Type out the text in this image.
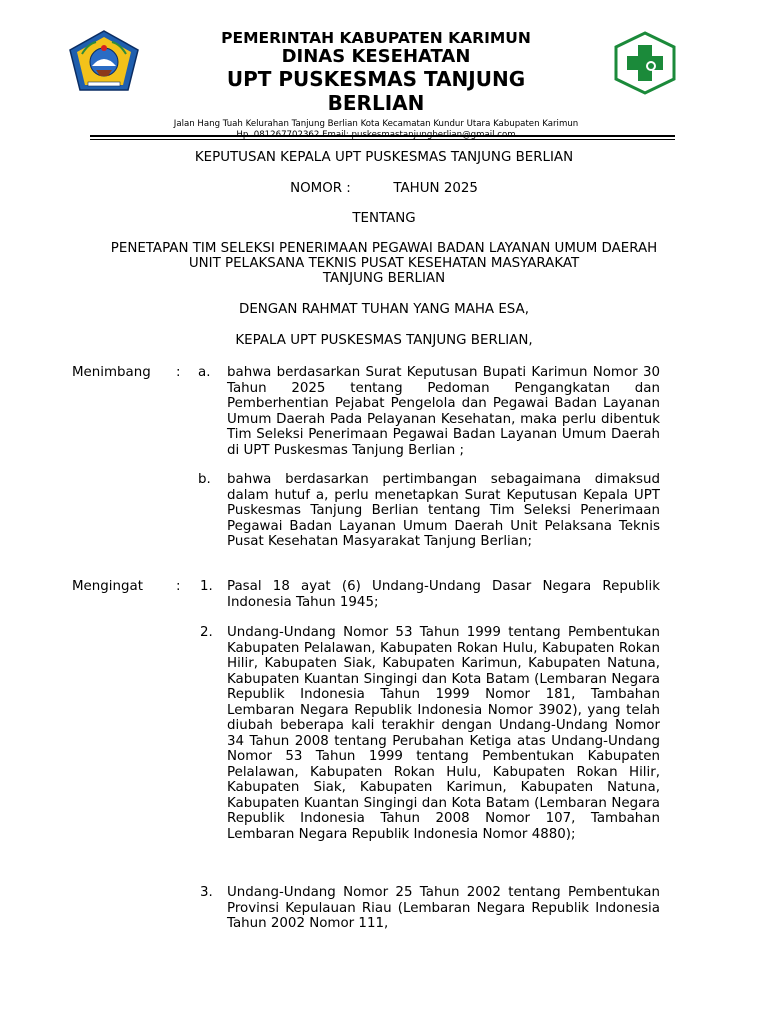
PEMERINTAH KABUPATEN KARIMUN
DINAS KESEHATAN
UPT PUSKESMAS TANJUNG BERLIAN
Jalan Hang Tuah Kelurahan Tanjung Berlian Kota Kecamatan Kundur Utara Kabupaten Karimun
KEPUTUSAN KEPALA UPT PUSKESMAS TANJUNG BERLIAN
NOMOR :          TAHUN 2025
TENTANG
PENETAPAN TIM SELEKSI PENERIMAAN PEGAWAI BADAN LAYANAN UMUM DAERAH
UNIT PELAKSANA TEKNIS PUSAT KESEHATAN MASYARAKAT
TANJUNG BERLIAN
DENGAN RAHMAT TUHAN YANG MAHA ESA,
KEPALA UPT PUSKESMAS TANJUNG BERLIAN,
Menimbang : a. bahwa berdasarkan Surat Keputusan Bupati Karimun Nomor 30 Tahun 2025 tentang Pedoman Pengangkatan dan Pemberhentian Pejabat Pengelola dan Pegawai Badan Layanan Umum Daerah Pada Pelayanan Kesehatan, maka perlu dibentuk Tim Seleksi Penerimaan Pegawai Badan Layanan Umum Daerah di UPT Puskesmas Tanjung Berlian ;
b. bahwa berdasarkan pertimbangan sebagaimana dimaksud dalam hutuf a, perlu menetapkan Surat Keputusan Kepala UPT Puskesmas Tanjung Berlian tentang Tim Seleksi Penerimaan Pegawai Badan Layanan Umum Daerah Unit Pelaksana Teknis Pusat Kesehatan Masyarakat Tanjung Berlian;
Mengingat : 1. Pasal 18 ayat (6) Undang-Undang Dasar Negara Republik Indonesia Tahun 1945;
2. Undang-Undang Nomor 53 Tahun 1999 tentang Pembentukan Kabupaten Pelalawan, Kabupaten Rokan Hulu, Kabupaten Rokan Hilir, Kabupaten Siak, Kabupaten Karimun, Kabupaten Natuna, Kabupaten Kuantan Singingi dan Kota Batam (Lembaran Negara Republik Indonesia Tahun 1999 Nomor 181, Tambahan Lembaran Negara Republik Indonesia Nomor 3902), yang telah diubah beberapa kali terakhir dengan Undang-Undang Nomor 34 Tahun 2008 tentang Perubahan Ketiga atas Undang-Undang Nomor 53 Tahun 1999 tentang Pembentukan Kabupaten Pelalawan, Kabupaten Rokan Hulu, Kabupaten Rokan Hilir, Kabupaten Siak, Kabupaten Karimun, Kabupaten Natuna, Kabupaten Kuantan Singingi dan Kota Batam (Lembaran Negara Republik Indonesia Tahun 2008 Nomor 107, Tambahan Lembaran Negara Republik Indonesia Nomor 4880);
3. Undang-Undang Nomor 25 Tahun 2002 tentang Pembentukan Provinsi Kepulauan Riau (Lembaran Negara Republik Indonesia Tahun 2002 Nomor 111,
